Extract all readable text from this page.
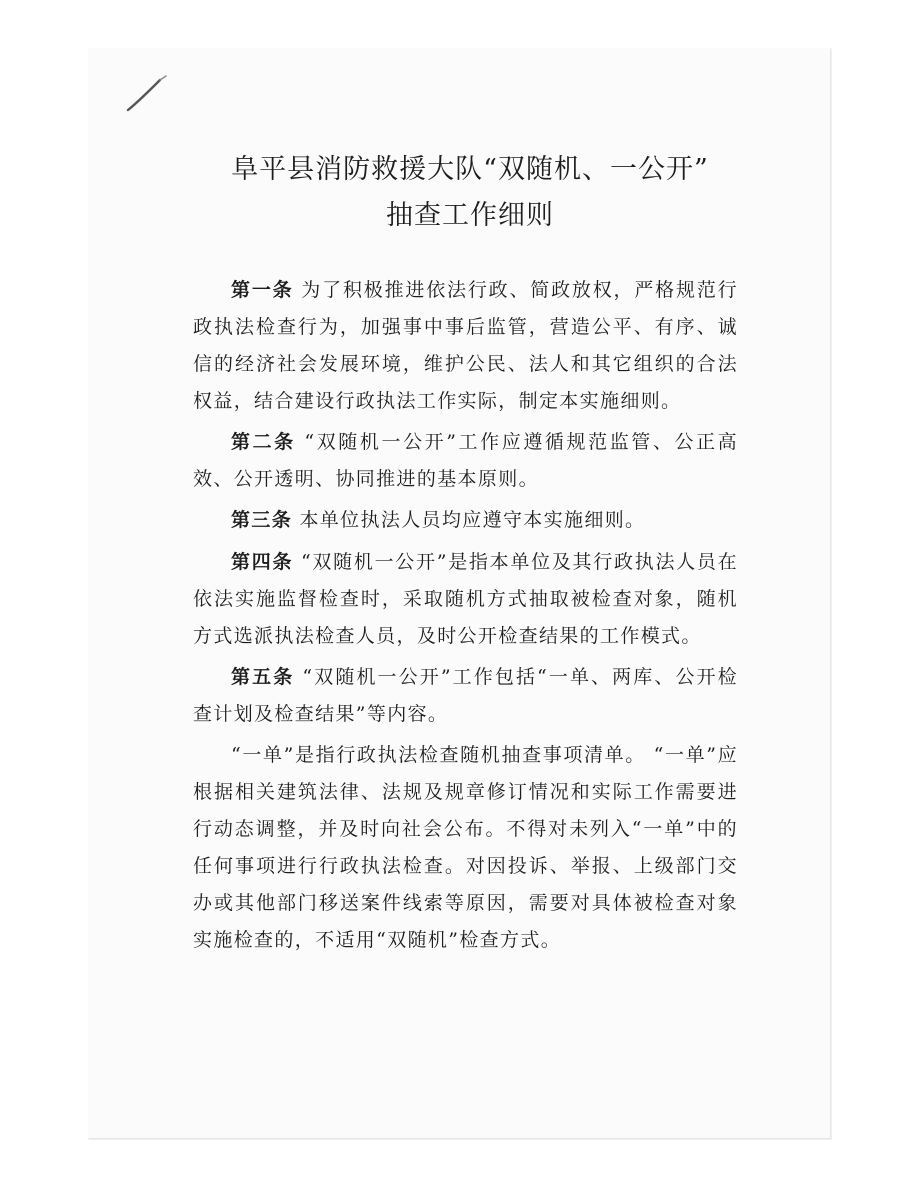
阜平县消防救援大队“双随机、一公开”
抽查工作细则

第一条 为了积极推进依法行政、简政放权，严格规范行政执法检查行为，加强事中事后监管，营造公平、有序、诚信的经济社会发展环境，维护公民、法人和其它组织的合法权益，结合建设行政执法工作实际，制定本实施细则。

第二条 “双随机一公开”工作应遵循规范监管、公正高效、公开透明、协同推进的基本原则。

第三条 本单位执法人员均应遵守本实施细则。

第四条 “双随机一公开”是指本单位及其行政执法人员在依法实施监督检查时，采取随机方式抽取被检查对象，随机方式选派执法检查人员，及时公开检查结果的工作模式。

第五条 “双随机一公开”工作包括“一单、两库、公开检查计划及检查结果”等内容。

“一单”是指行政执法检查随机抽查事项清单。 “一单”应根据相关建筑法律、法规及规章修订情况和实际工作需要进行动态调整，并及时向社会公布。不得对未列入“一单”中的任何事项进行行政执法检查。对因投诉、举报、上级部门交办或其他部门移送案件线索等原因，需要对具体被检查对象实施检查的，不适用“双随机”检查方式。
